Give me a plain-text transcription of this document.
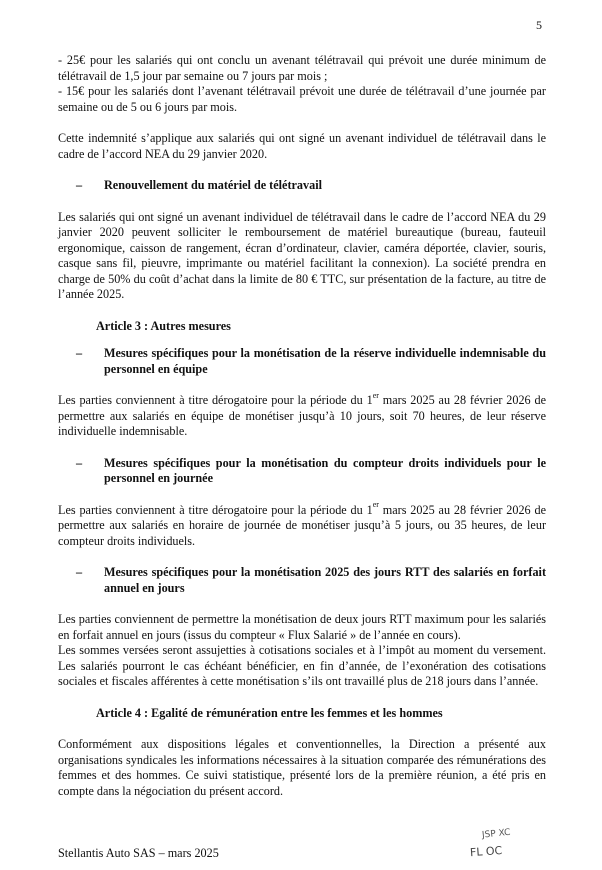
5

- 25€ pour les salariés qui ont conclu un avenant télétravail qui prévoit une durée minimum de télétravail de 1,5 jour par semaine ou 7 jours par mois ;

- 15€ pour les salariés dont l’avenant télétravail prévoit une durée de télétravail d’une journée par semaine ou de 5 ou 6 jours par mois.

Cette indemnité s’applique aux salariés qui ont signé un avenant individuel de télétravail dans le cadre de l’accord NEA du 29 janvier 2020.

–	Renouvellement du matériel de télétravail

Les salariés qui ont signé un avenant individuel de télétravail dans le cadre de l’accord NEA du 29 janvier 2020 peuvent solliciter le remboursement de matériel bureautique (bureau, fauteuil ergonomique, caisson de rangement, écran d’ordinateur, clavier, caméra déportée, clavier, souris, casque sans fil, pieuvre, imprimante ou matériel facilitant la connexion). La société prendra en charge de 50% du coût d’achat dans la limite de 80 € TTC, sur présentation de la facture, au titre de l’année 2025.

Article 3 : Autres mesures
–	Mesures spécifiques pour la monétisation de la réserve individuelle indemnisable du personnel en équipe

Les parties conviennent à titre dérogatoire pour la période du 1er mars 2025 au 28 février 2026 de permettre aux salariés en équipe de monétiser jusqu’à 10 jours, soit 70 heures, de leur réserve individuelle indemnisable.

–	Mesures spécifiques pour la monétisation du compteur droits individuels pour le personnel en journée

Les parties conviennent à titre dérogatoire pour la période du 1er mars 2025 au 28 février 2026 de permettre aux salariés en horaire de journée de monétiser jusqu’à 5 jours, ou 35 heures, de leur compteur droits individuels.

–	Mesures spécifiques pour la monétisation 2025 des jours RTT des salariés en forfait annuel en jours

Les parties conviennent de permettre la monétisation de deux jours RTT maximum pour les salariés en forfait annuel en jours (issus du compteur « Flux Salarié » de l’année en cours).

Les sommes versées seront assujetties à cotisations sociales et à l’impôt au moment du versement. Les salariés pourront le cas échéant bénéficier, en fin d’année, de l’exonération des cotisations sociales et fiscales afférentes à cette monétisation s’ils ont travaillé plus de 218 jours dans l’année.

Article 4 : Egalité de rémunération entre les femmes et les hommes

Conformément aux dispositions légales et conventionnelles, la Direction a présenté aux organisations syndicales les informations nécessaires à la situation comparée des rémunérations des femmes et des hommes. Ce suivi statistique, présenté lors de la première réunion, a été pris en compte dans la négociation du présent accord.

JSP XC
FL OC
Stellantis Auto SAS – mars 2025
